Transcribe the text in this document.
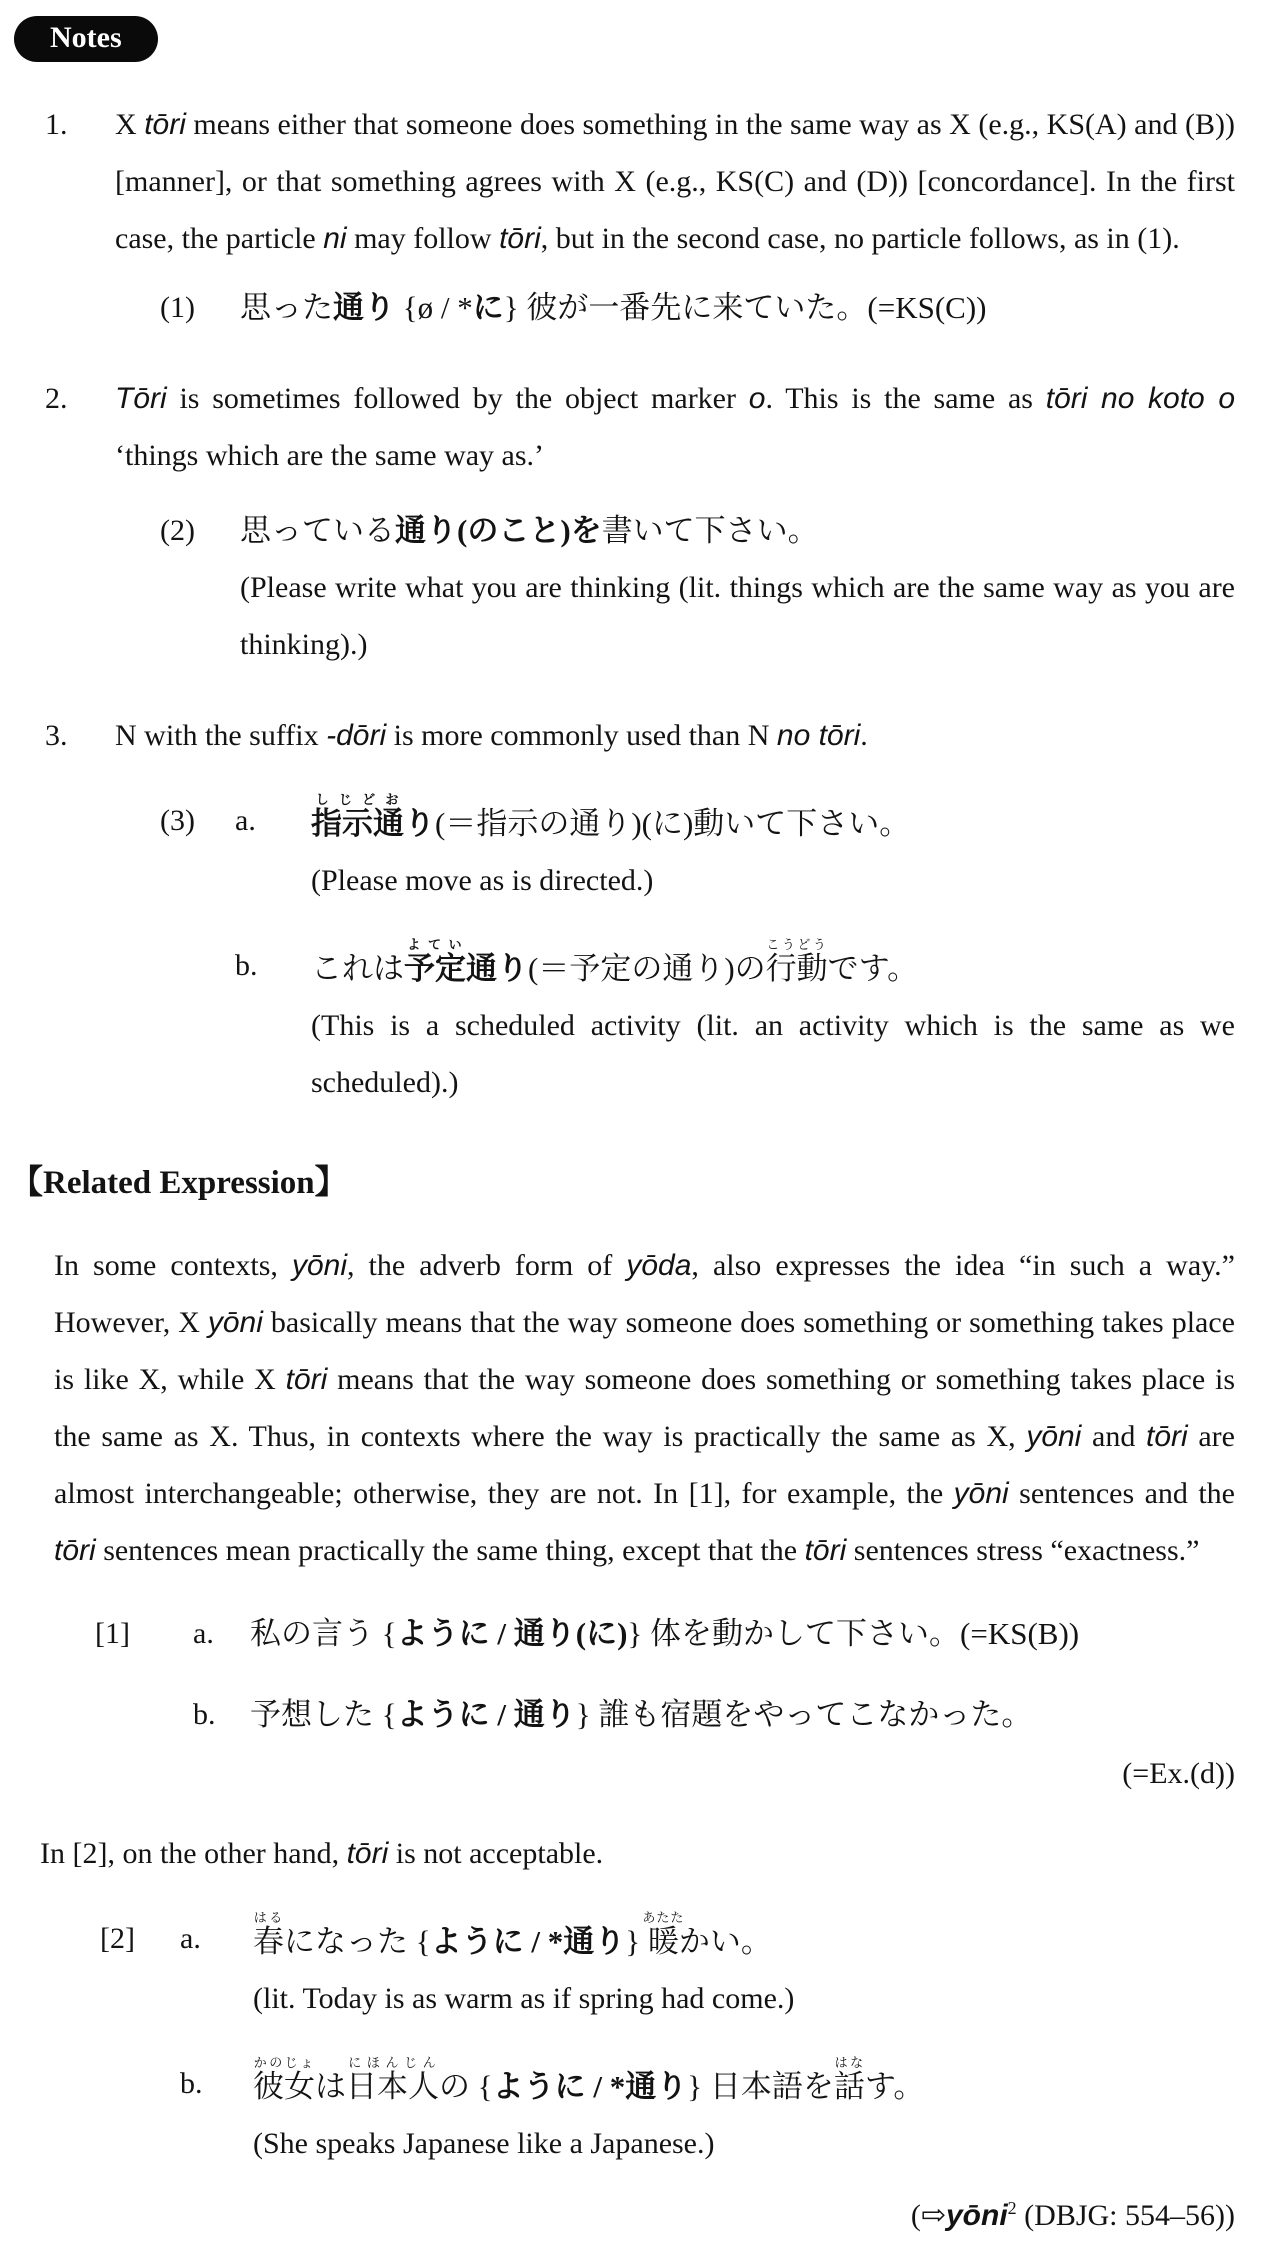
Notes
1.	X tōri means either that someone does something in the same way as X (e.g., KS(A) and (B)) [manner], or that something agrees with X (e.g., KS(C) and (D)) [concordance]. In the first case, the particle ni may follow tōri, but in the second case, no particle follows, as in (1).
(1)	思った通り {ø / *に} 彼が一番先に来ていた。(=KS(C))
2.	Tōri is sometimes followed by the object marker o. This is the same as tōri no koto o ‘things which are the same way as.’
(2)	思っている通り(のこと)を書いて下さい。
(Please write what you are thinking (lit. things which are the same way as you are thinking).)
3.	N with the suffix -dōri is more commonly used than N no tōri.
(3)	a.	指示通しじどおり(＝指示の通り)(に)動いて下さい。
(Please move as is directed.)
b.	これは予定よてい通り(＝予定の通り)の行動こうどうです。
(This is a scheduled activity (lit. an activity which is the same as we scheduled).)
【Related Expression】

In some contexts, yōni, the adverb form of yōda, also expresses the idea “in such a way.” However, X yōni basically means that the way someone does something or something takes place is like X, while X tōri means that the way someone does something or something takes place is the same as X. Thus, in contexts where the way is practically the same as X, yōni and tōri are almost interchangeable; otherwise, they are not. In [1], for example, the yōni sentences and the tōri sentences mean practically the same thing, except that the tōri sentences stress “exactness.”

[1]	a.	私の言う {ように / 通り(に)} 体を動かして下さい。(=KS(B))
b.	予想した {ように / 通り} 誰も宿題をやってこなかった。
(=Ex.(d))

In [2], on the other hand, tōri is not acceptable.

[2]	a.	春はるになった {ように / *通り} 暖あたたかい。
(lit. Today is as warm as if spring had come.)
b.	彼女かのじょは日本人にほんじんの {ように / *通り} 日本語を話はなす。
(She speaks Japanese like a Japanese.)
(⇨yōni$^2$ (DBJG: 554–56))
